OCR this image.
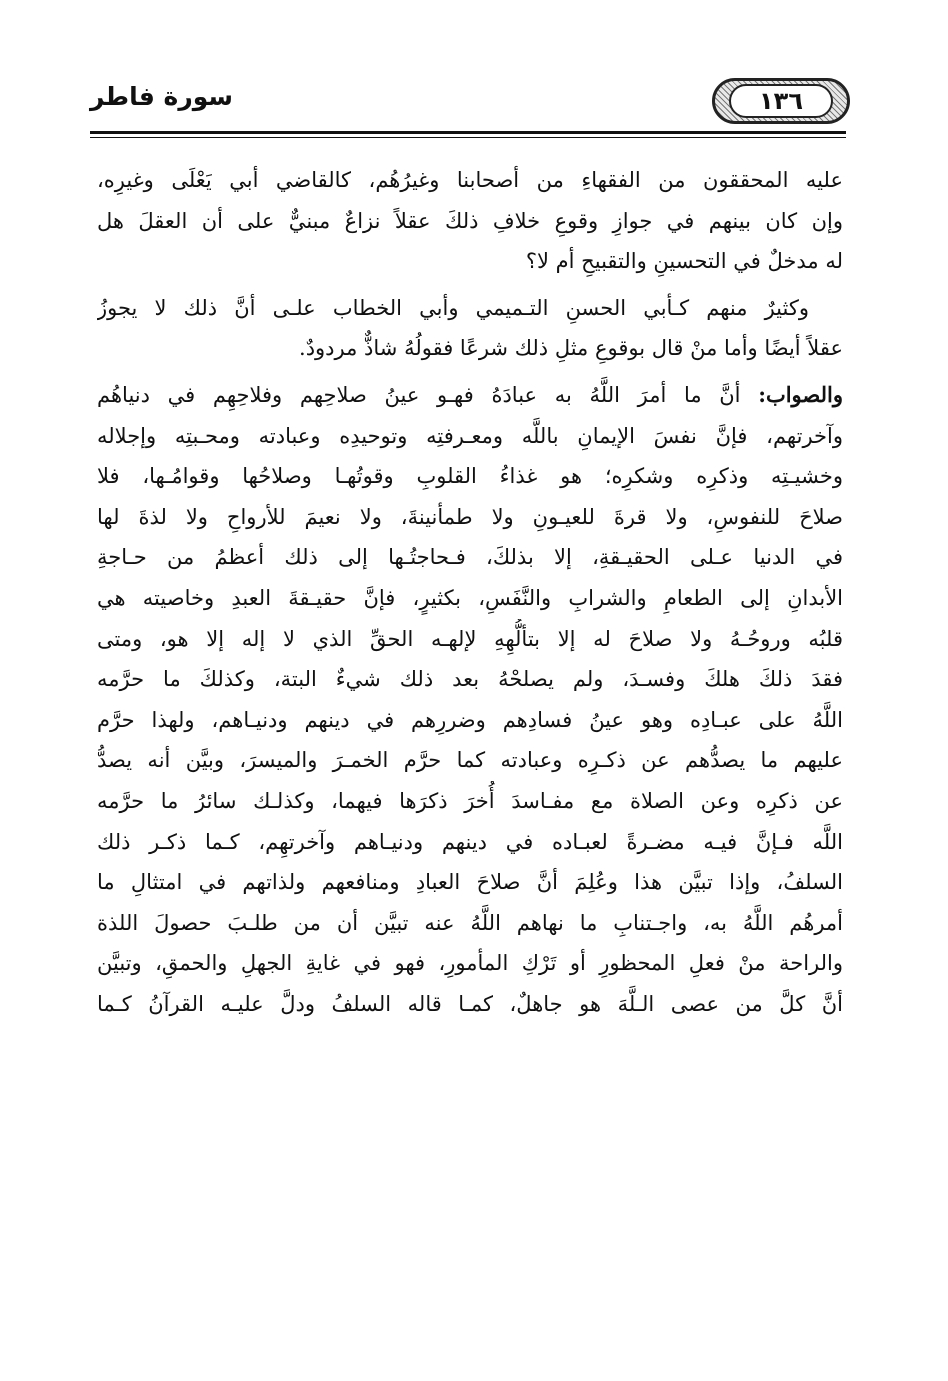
١٣٦
سورة فاطر
عليه المحققون من الفقهاءِ من أصحابنا وغيرُهُم، كالقاضي أبي يَعْلَى وغيرِه،
وإن كان بينهم في جوازِ وقوعِ خلافِ ذلكَ عقلاً نزاعٌ مبنيٌّ على أن العقلَ هل
له مدخلٌ في التحسينِ والتقبيحِ أم لا؟
وكثيرٌ منهم كـأبي الحسنِ التـميمي وأبي الخطاب علـى أنَّ ذلك لا يجوزُ
عقلاً أيضًا وأما منْ قال بوقوعِ مثلِ ذلك شرعًا فقولُهُ شاذٌّ مردودٌ.
والصواب: أنَّ ما أمرَ اللَّهُ به عبادَهُ فهـو عينُ صلاحِهم وفلاحِهِم في دنياهُم
وآخرتهم، فإنَّ نفسَ الإيمانِ باللَّه ومعـرفتِه وتوحيدِه وعبادته ومحـبتِه وإجلاله
وخشيـتِه وذكرِه وشكرِه؛ هو غذاءُ القلوبِ وقوتُهـا وصلاحُها وقوامُـها، فلا
صلاحَ للنفوسِ، ولا قرةَ للعيـونِ ولا طمأنينةَ، ولا نعيمَ للأرواحِ ولا لذةَ لها
في الدنيا عـلى الحقيـقةِ، إلا بذلكَ، فـحاجتُـها إلى ذلك أعظمُ من حـاجةِ
الأبدانِ إلى الطعامِ والشرابِ والنَّفَسِ، بكثيرٍ، فإنَّ حقيـقةَ العبدِ وخاصيته هي
قلبُه وروحُـهُ ولا صلاحَ له إلا بتألُّهِهِ لإلهـه الحقِّ الذي لا إله إلا هو، ومتى
فقدَ ذلكَ هلكَ وفسـدَ، ولم يصلحْهُ بعد ذلك شيءٌ البتة، وكذلكَ ما حرَّمه
اللَّهُ على عبـادِه وهو عينُ فسادِهم وضررِهم في دينهم ودنيـاهم، ولهذا حرَّم
عليهم ما يصدُّهم عن ذكـرِه وعبادته كما حرَّم الخمـرَ والميسرَ، وبيَّن أنه يصدُّ
عن ذكرِه وعن الصلاة مع مفـاسدَ أُخرَ ذكرَها فيهما، وكذلـك سائرُ ما حرَّمه
اللَّه فـإنَّ فيـه مضـرةً لعبـاده في دينهم ودنيـاهم وآخرتهِم، كـما ذكـر ذلك
السلفُ، وإذا تبيَّن هذا وعُلِمَ أنَّ صلاحَ العبادِ ومنافعهم ولذاتهم في امتثالِ ما
أمرهُم اللَّهُ به، واجـتنابِ ما نهاهم اللَّهُ عنه تبيَّن أن من طلـبَ حصولَ اللذة
والراحة منْ فعلِ المحظورِ أو تَرْكِ المأمورِ، فهو في غايةِ الجهلِ والحمقِ، وتبيَّن
أنَّ كلَّ من عصى الـلَّهَ هو جاهلٌ، كمـا قاله السلفُ ودلَّ عليـه القرآنُ كـما
